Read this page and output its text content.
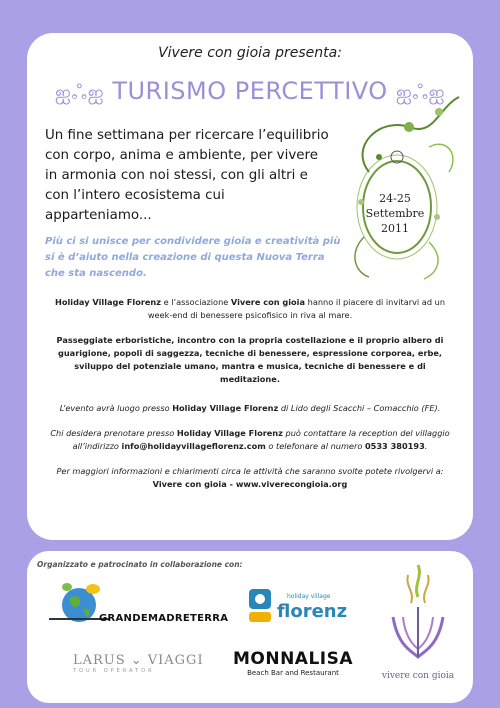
Vivere con gioia presenta:
ஐஃஐ TURISMO PERCETTIVO ஐஃஐ
Un fine settimana per ricercare l’equilibrio con corpo, anima e ambiente, per vivere in armonia con noi stessi, con gli altri e con l’intero ecosistema cui apparteniamo...
24-25
Settembre
2011
Più ci si unisce per condividere gioia e creatività più si è d’aiuto nella creazione di questa Nuova Terra che sta nascendo.
Holiday Village Florenz e l’associazione Vivere con gioia hanno il piacere di invitarvi ad un week-end di benessere psicofisico in riva al mare.
Passeggiate erboristiche, incontro con la propria costellazione e il proprio albero di guarigione, popoli di saggezza, tecniche di benessere, espressione corporea, erbe, sviluppo del potenziale umano, mantra e musica, tecniche di benessere e di meditazione.
L’evento avrà luogo presso Holiday Village Florenz di Lido degli Scacchi – Comacchio (FE).
Chi desidera prenotare presso Holiday Village Florenz può contattare la reception del villaggio all’indirizzo info@holidayvillageflorenz.com o telefonare al numero 0533 380193.
Per maggiori informazioni e chiarimenti circa le attività che saranno svolte potete rivolgervi a: Vivere con gioia - www.viverecongioia.org
Organizzato e patrocinato in collaborazione con:
GRANDEMADRETERRA
LARUS ⌄ VIAGGI
TOUR OPERATOR
holiday village
florenz
MONNALISA
Beach Bar and Restaurant	vivere con gioia
